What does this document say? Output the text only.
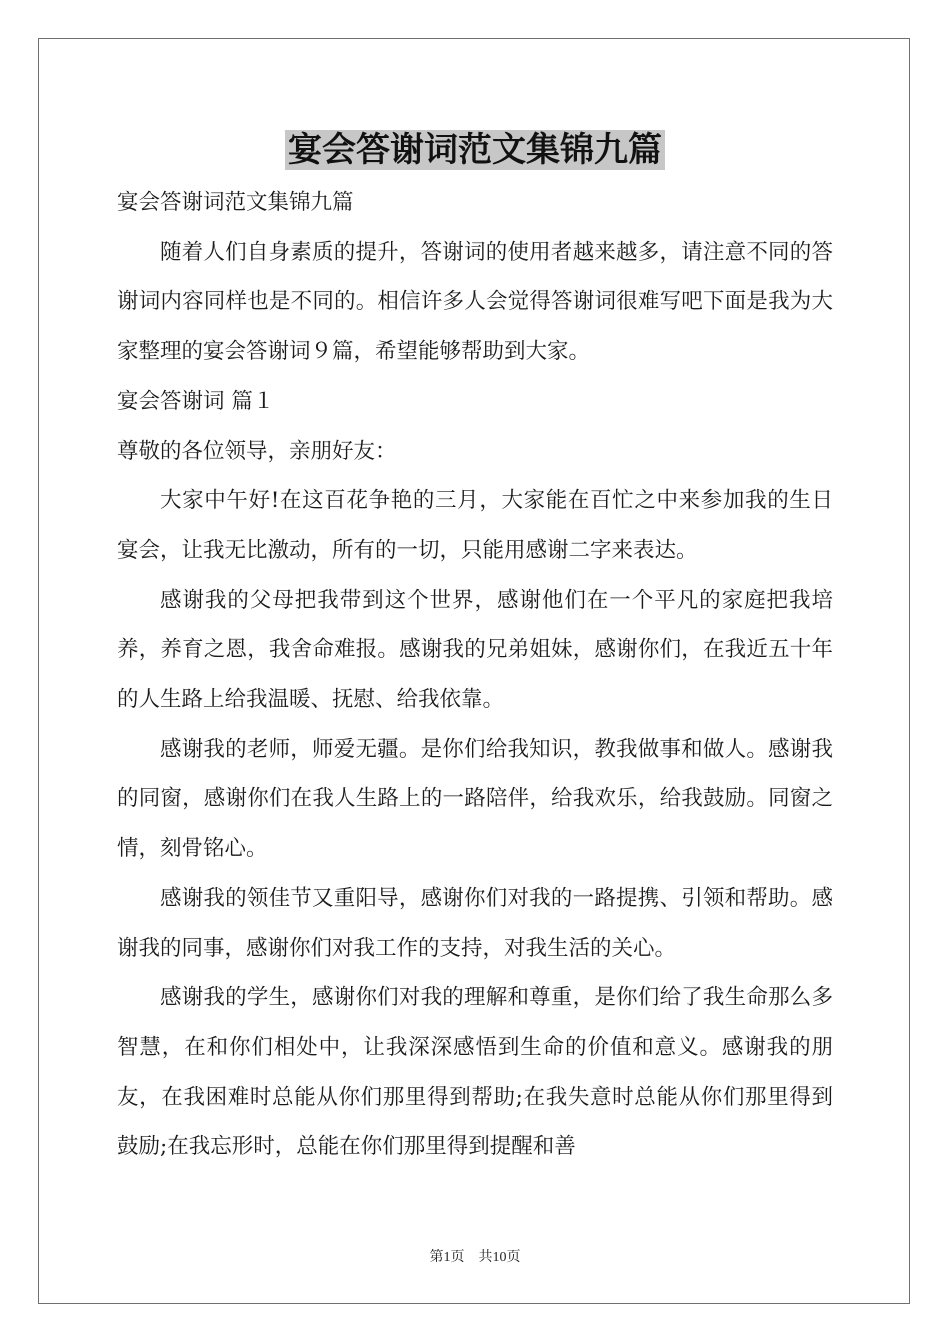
宴会答谢词范文集锦九篇

宴会答谢词范文集锦九篇

随着人们自身素质的提升，答谢词的使用者越来越多，请注意不同的答谢词内容同样也是不同的。相信许多人会觉得答谢词很难写吧下面是我为大家整理的宴会答谢词９篇，希望能够帮助到大家。

宴会答谢词 篇１

尊敬的各位领导，亲朋好友：

大家中午好!在这百花争艳的三月，大家能在百忙之中来参加我的生日宴会，让我无比激动，所有的一切，只能用感谢二字来表达。

感谢我的父母把我带到这个世界，感谢他们在一个平凡的家庭把我培养，养育之恩，我舍命难报。感谢我的兄弟姐妹，感谢你们，在我近五十年的人生路上给我温暖、抚慰、给我依靠。

感谢我的老师，师爱无疆。是你们给我知识，教我做事和做人。感谢我的同窗，感谢你们在我人生路上的一路陪伴，给我欢乐，给我鼓励。同窗之情，刻骨铭心。

感谢我的领佳节又重阳导，感谢你们对我的一路提携、引领和帮助。感谢我的同事，感谢你们对我工作的支持，对我生活的关心。

感谢我的学生，感谢你们对我的理解和尊重，是你们给了我生命那么多智慧，在和你们相处中，让我深深感悟到生命的价值和意义。感谢我的朋友，在我困难时总能从你们那里得到帮助;在我失意时总能从你们那里得到鼓励;在我忘形时，总能在你们那里得到提醒和善

第1页　共10页
